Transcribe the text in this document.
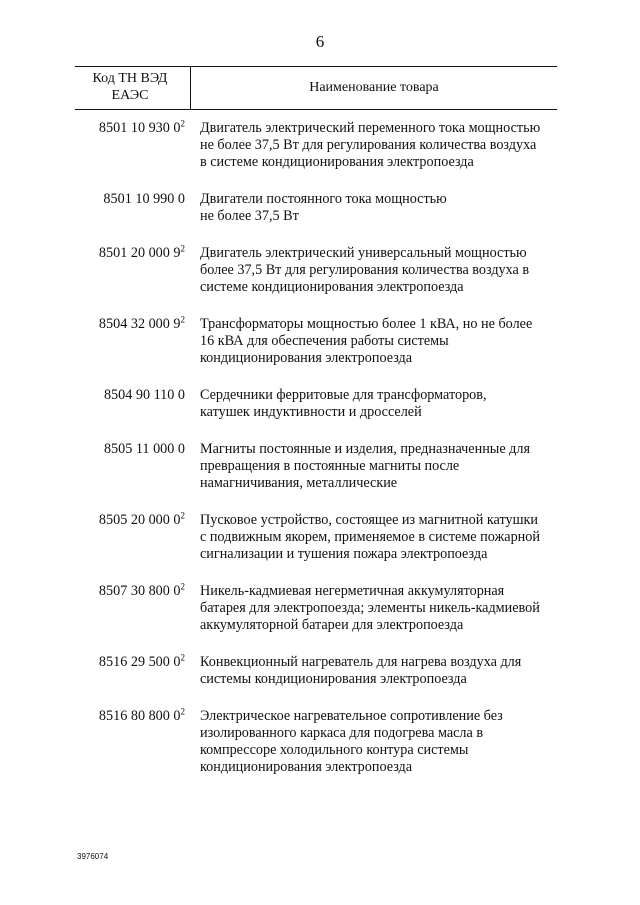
6
Код ТН ВЭД ЕАЭС
Наименование товара
8501 10 930 $0^2$ Двигатель электрический переменного тока мощностью
не более 37,5 Вт для регулирования количества воздуха
в системе кондиционирования электропоезда
8501 10 990 0 Двигатели постоянного тока мощностью
не более 37,5 Вт
8501 20 000 $9^2$ Двигатель электрический универсальный мощностью
более 37,5 Вт для регулирования количества воздуха в
системе кондиционирования электропоезда
8504 32 000 $9^2$ Трансформаторы мощностью более 1 кВА, но не более
16 кВА для обеспечения работы системы
кондиционирования электропоезда
8504 90 110 0 Сердечники ферритовые для трансформаторов,
катушек индуктивности и дросселей
8505 11 000 0 Магниты постоянные и изделия, предназначенные для
превращения в постоянные магниты после
намагничивания, металлические
8505 20 000 $0^2$ Пусковое устройство, состоящее из магнитной катушки
с подвижным якорем, применяемое в системе пожарной
сигнализации и тушения пожара электропоезда
8507 30 800 $0^2$ Никель-кадмиевая негерметичная аккумуляторная
батарея для электропоезда; элементы никель-кадмиевой
аккумуляторной батареи для электропоезда
8516 29 500 $0^2$ Конвекционный нагреватель для нагрева воздуха для
системы кондиционирования электропоезда
8516 80 800 $0^2$ Электрическое нагревательное сопротивление без
изолированного каркаса для подогрева масла в
компрессоре холодильного контура системы
кондиционирования электропоезда
3976074
